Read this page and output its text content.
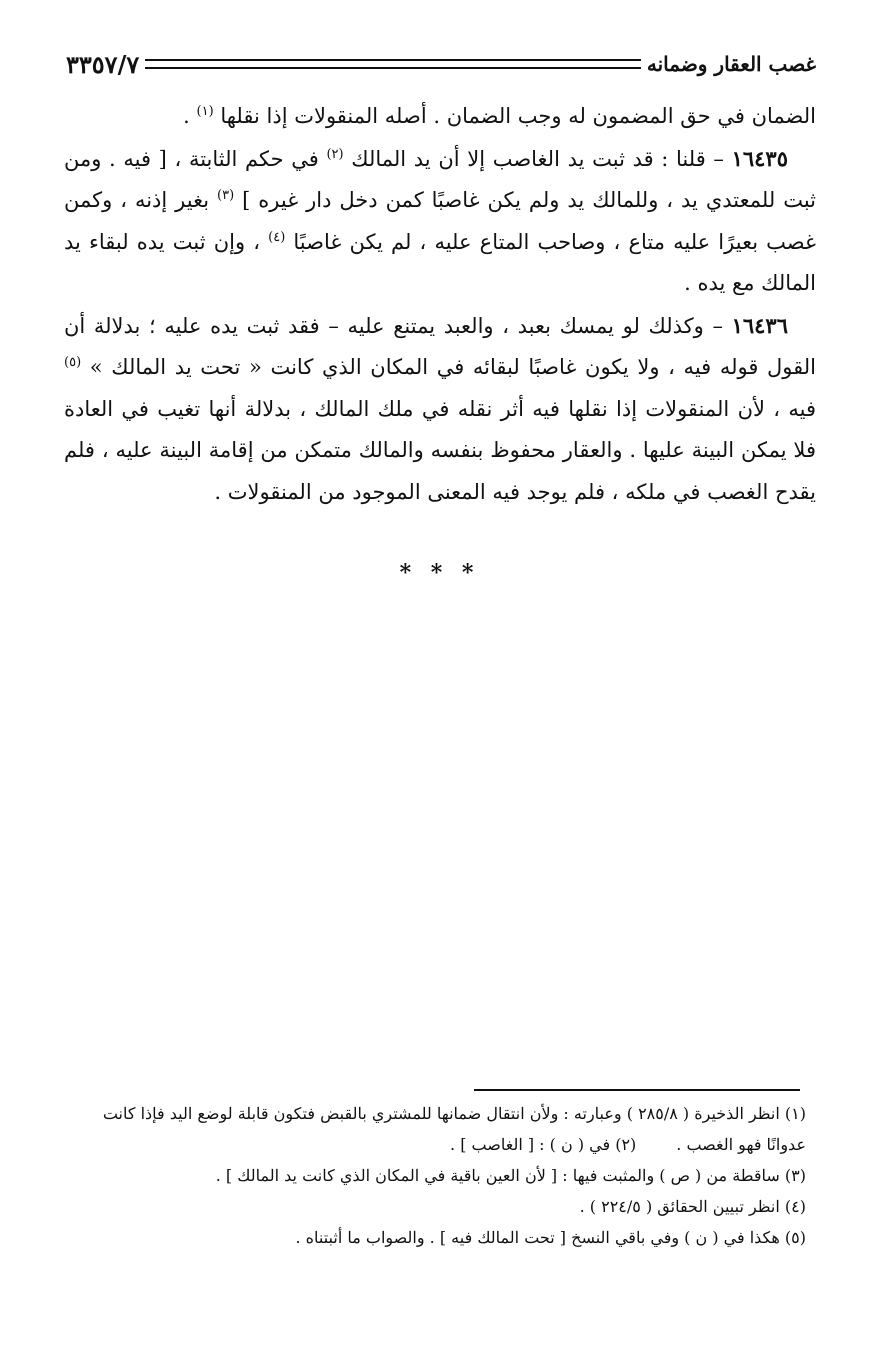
غصب العقار وضمانه
٣٣٥٧/٧

الضمان في حق المضمون له وجب الضمان . أصله المنقولات إذا نقلها $^{(١)}$ .

١٦٤٣٥ – قلنا : قد ثبت يد الغاصب إلا أن يد المالك $^{(٢)}$ في حكم الثابتة ، [ فيه . ومن ثبت للمعتدي يد ، وللمالك يد ولم يكن غاصبًا كمن دخل دار غيره ] $^{(٣)}$ بغير إذنه ، وكمن غصب بعيرًا عليه متاع ، وصاحب المتاع عليه ، لم يكن غاصبًا $^{(٤)}$ ، وإن ثبت يده لبقاء يد المالك مع يده .

١٦٤٣٦ – وكذلك لو يمسك بعبد ، والعبد يمتنع عليه – فقد ثبت يده عليه ؛ بدلالة أن القول قوله فيه ، ولا يكون غاصبًا لبقائه في المكان الذي كانت « تحت يد المالك » $^{(٥)}$ فيه ، لأن المنقولات إذا نقلها فيه أثر نقله في ملك المالك ، بدلالة أنها تغيب في العادة فلا يمكن البينة عليها . والعقار محفوظ بنفسه والمالك متمكن من إقامة البينة عليه ، فلم يقدح الغصب في ملكه ، فلم يوجد فيه المعنى الموجود من المنقولات .

* * *

(١) انظر الذخيرة ( ٢٨٥/٨ ) وعبارته : ولأن انتقال ضمانها للمشتري بالقبض فتكون قابلة لوضع اليد فإذا كانت عدوانًا فهو الغصب .(٢) في ( ن ) : [ الغاصب ] .

(٣) ساقطة من ( ص ) والمثبت فيها : [ لأن العين باقية في المكان الذي كانت يد المالك ] .

(٤) انظر تبيين الحقائق ( ٢٢٤/٥ ) .

(٥) هكذا في ( ن ) وفي باقي النسخ [ تحت المالك فيه ] . والصواب ما أثبتناه .
